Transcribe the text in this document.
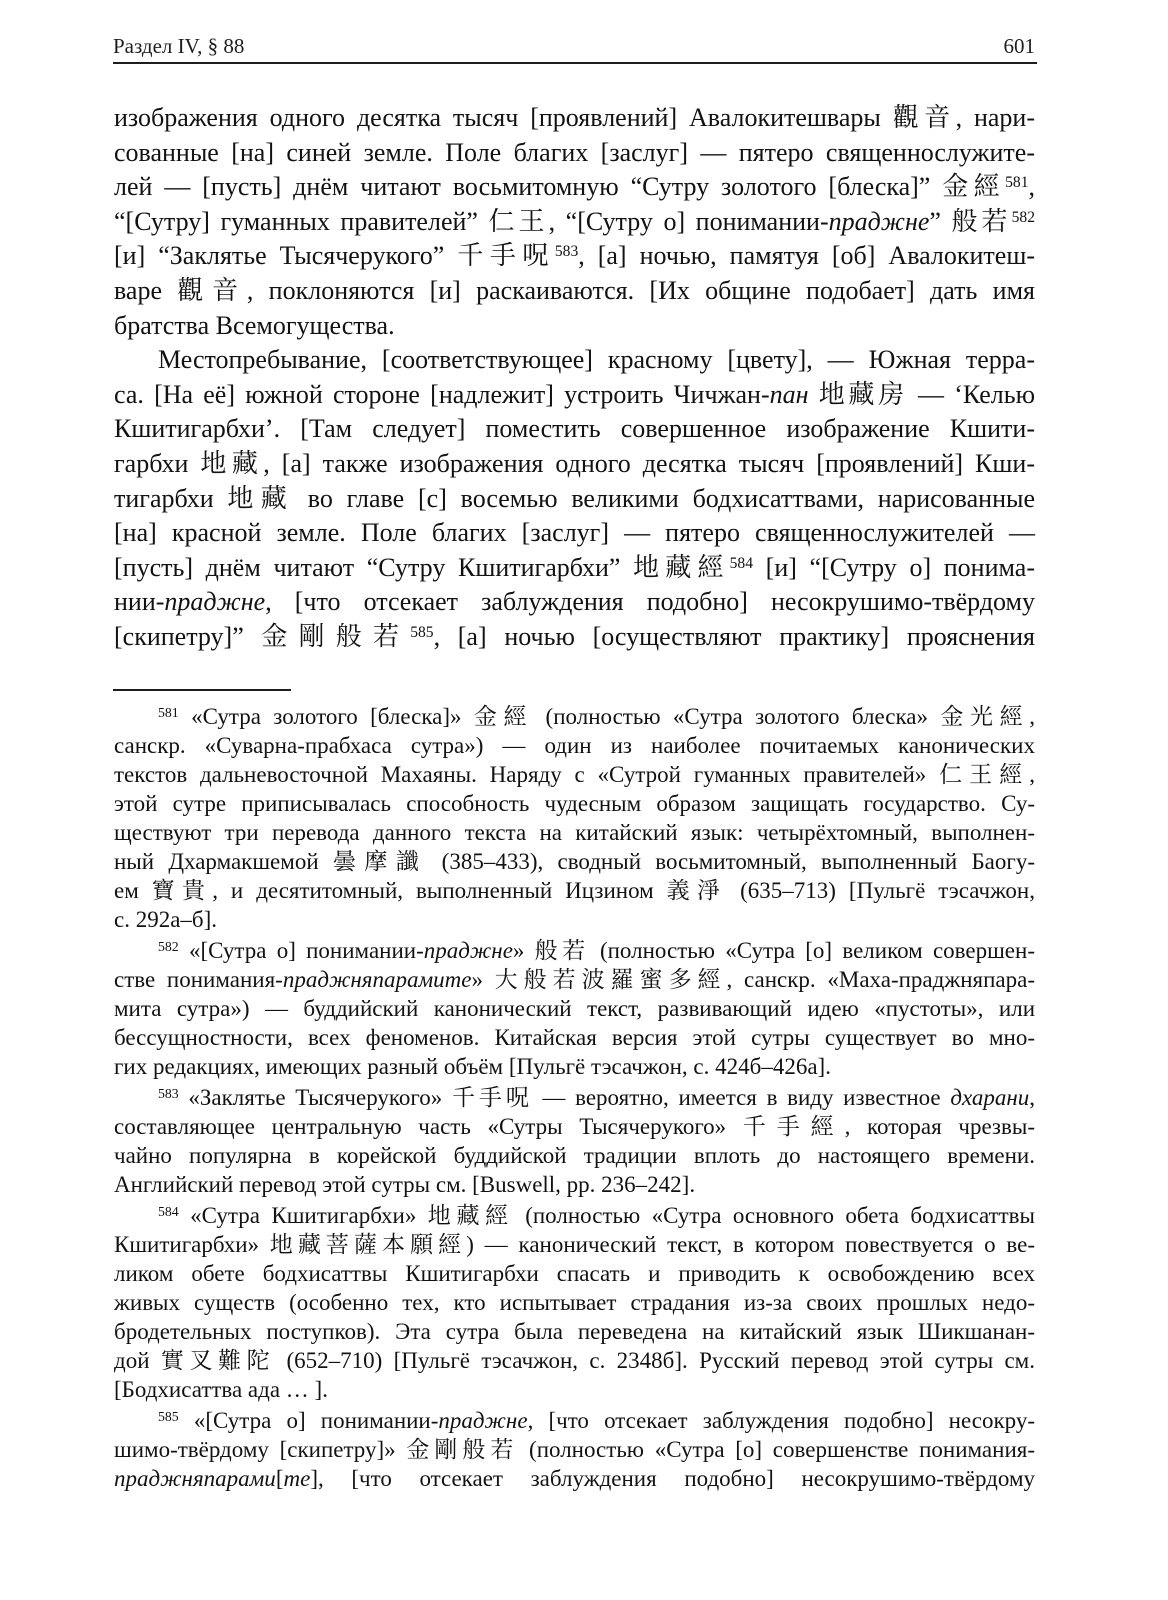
Раздел IV, § 88	601
изображения одного десятка тысяч [проявлений] Авалокитешвары 觀音, нари-
сованные [на] синей земле. Поле благих [заслуг] — пятеро священнослужите-
лей — [пусть] днём читают восьмитомную “Сутру золотого [блеска]” 金經$^{581}$,
“[Сутру] гуманных правителей” 仁王, “[Сутру о] понимании-праджне” 般若$^{582}$
[и] “Заклятье Тысячерукого” 千手呪$^{583}$, [а] ночью, памятуя [об] Авалокитеш-
варе 觀音, поклоняются [и] раскаиваются. [Их общине подобает] дать имя
братства Всемогущества.
Местопребывание, [соответствующее] красному [цвету], — Южная терра-
са. [На её] южной стороне [надлежит] устроить Чичжан-пан 地藏房 — ‘Келью
Кшитигарбхи’. [Там следует] поместить совершенное изображение Кшити-
гарбхи 地藏, [а] также изображения одного десятка тысяч [проявлений] Кши-
тигарбхи 地藏 во главе [с] восемью великими бодхисаттвами, нарисованные
[на] красной земле. Поле благих [заслуг] — пятеро священнослужителей —
[пусть] днём читают “Сутру Кшитигарбхи” 地藏經$^{584}$ [и] “[Сутру о] понима-
нии-праджне, [что отсекает заблуждения подобно] несокрушимо-твёрдому
[скипетру]” 金剛般若$^{585}$, [а] ночью [осуществляют практику] прояснения
$^{581}$ «Сутра золотого [блеска]» 金經 (полностью «Сутра золотого блеска» 金光經,
санскр. «Суварна-прабхаса сутра») — один из наиболее почитаемых канонических
текстов дальневосточной Махаяны. Наряду с «Сутрой гуманных правителей» 仁王經,
этой сутре приписывалась способность чудесным образом защищать государство. Су-
ществуют три перевода данного текста на китайский язык: четырёхтомный, выполнен-
ный Дхармакшемой 曇摩讖 (385–433), сводный восьмитомный, выполненный Баогу-
ем 寶貴, и десятитомный, выполненный Ицзином 義淨 (635–713) [Пульгё тэсачжон,
с. 292а–б].
$^{582}$ «[Сутра о] понимании-праджне» 般若 (полностью «Сутра [о] великом совершен-
стве понимания-праджняпарамите» 大般若波羅蜜多經, санскр. «Маха-праджняпара-
мита сутра») — буддийский канонический текст, развивающий идею «пустоты», или
бессущностности, всех феноменов. Китайская версия этой сутры существует во мно-
гих редакциях, имеющих разный объём [Пульгё тэсачжон, с. 424б–426а].
$^{583}$ «Заклятье Тысячерукого» 千手呪 — вероятно, имеется в виду известное дхарани,
составляющее центральную часть «Сутры Тысячерукого» 千手經, которая чрезвы-
чайно популярна в корейской буддийской традиции вплоть до настоящего времени.
Английский перевод этой сутры см. [Buswell, pp. 236–242].
$^{584}$ «Сутра Кшитигарбхи» 地藏經 (полностью «Сутра основного обета бодхисаттвы
Кшитигарбхи» 地藏菩薩本願經) — канонический текст, в котором повествуется о ве-
ликом обете бодхисаттвы Кшитигарбхи спасать и приводить к освобождению всех
живых существ (особенно тех, кто испытывает страдания из-за своих прошлых недо-
бродетельных поступков). Эта сутра была переведена на китайский язык Шикшанан-
дой 實叉難陀 (652–710) [Пульгё тэсачжон, с. 2348б]. Русский перевод этой сутры см.
[Бодхисаттва ада … ].
$^{585}$ «[Сутра о] понимании-праджне, [что отсекает заблуждения подобно] несокру-
шимо-твёрдому [скипетру]» 金剛般若 (полностью «Сутра [о] совершенстве понимания-
праджняпарами[те], [что отсекает заблуждения подобно] несокрушимо-твёрдому
